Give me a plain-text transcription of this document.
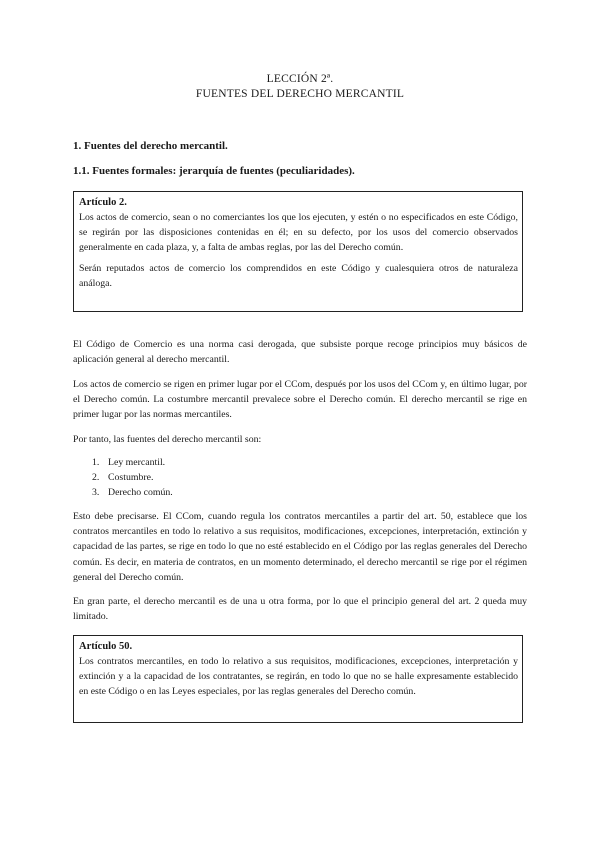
LECCIÓN 2ª.
FUENTES DEL DERECHO MERCANTIL
1. Fuentes del derecho mercantil.
1.1. Fuentes formales: jerarquía de fuentes (peculiaridades).
Artículo 2.
Los actos de comercio, sean o no comerciantes los que los ejecuten, y estén o no especificados en este Código, se regirán por las disposiciones contenidas en él; en su defecto, por los usos del comercio observados generalmente en cada plaza, y, a falta de ambas reglas, por las del Derecho común.
Serán reputados actos de comercio los comprendidos en este Código y cualesquiera otros de naturaleza análoga.
El Código de Comercio es una norma casi derogada, que subsiste porque recoge principios muy básicos de aplicación general al derecho mercantil.
Los actos de comercio se rigen en primer lugar por el CCom, después por los usos del CCom y, en último lugar, por el Derecho común. La costumbre mercantil prevalece sobre el Derecho común. El derecho mercantil se rige en primer lugar por las normas mercantiles.
Por tanto, las fuentes del derecho mercantil son:
1. Ley mercantil.
2. Costumbre.
3. Derecho común.
Esto debe precisarse. El CCom, cuando regula los contratos mercantiles a partir del art. 50, establece que los contratos mercantiles en todo lo relativo a sus requisitos, modificaciones, excepciones, interpretación, extinción y capacidad de las partes, se rige en todo lo que no esté establecido en el Código por las reglas generales del Derecho común. Es decir, en materia de contratos, en un momento determinado, el derecho mercantil se rige por el régimen general del Derecho común.
En gran parte, el derecho mercantil es de una u otra forma, por lo que el principio general del art. 2 queda muy limitado.
Artículo 50.
Los contratos mercantiles, en todo lo relativo a sus requisitos, modificaciones, excepciones, interpretación y extinción y a la capacidad de los contratantes, se regirán, en todo lo que no se halle expresamente establecido en este Código o en las Leyes especiales, por las reglas generales del Derecho común.
